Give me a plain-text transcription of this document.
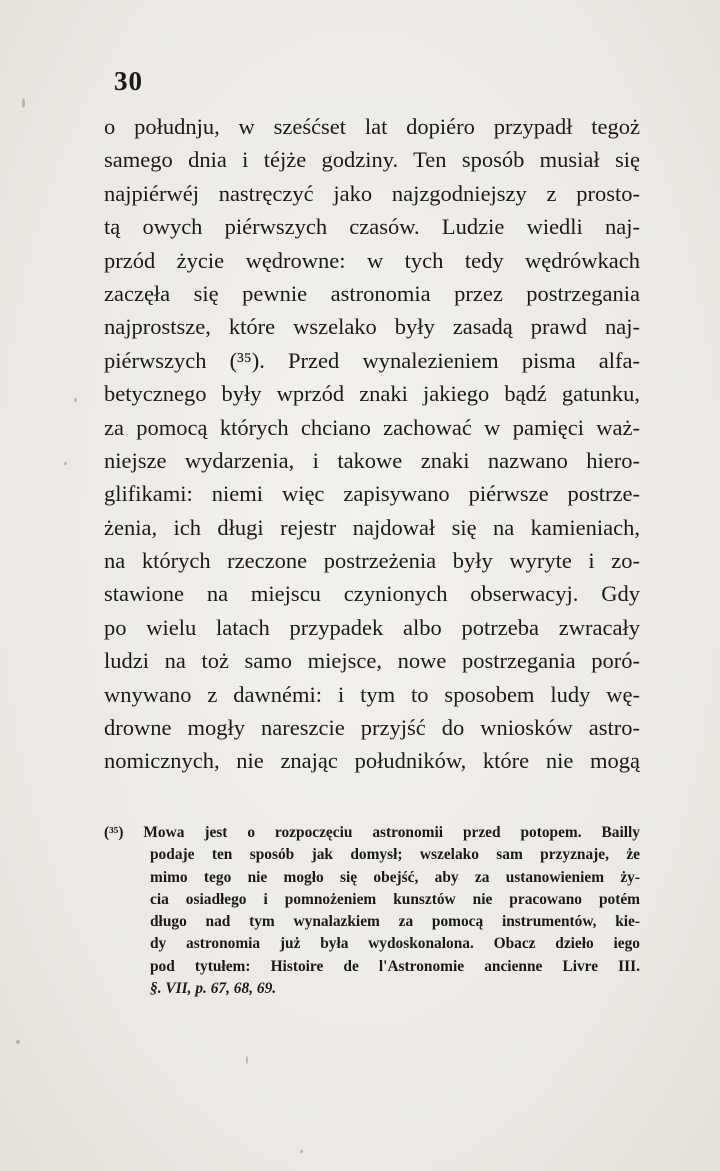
30
o połudnju, w sześćset lat dopiéro przypadł tegoż
samego dnia i téjże godziny. Ten sposób musiał się
najpiérwéj nastręczyć jako najzgodniejszy z prosto-
tą owych piérwszych czasów. Ludzie wiedli naj-
przód życie wędrowne: w tych tedy wędrówkach
zaczęła się pewnie astronomia przez postrzegania
najprostsze, które wszelako były zasadą prawd naj-
piérwszych (³⁵). Przed wynalezieniem pisma alfa-
betycznego były wprzód znaki jakiego bądź gatunku,
za pomocą których chciano zachować w pamięci waż-
niejsze wydarzenia, i takowe znaki nazwano hiero-
glifikami: niemi więc zapisywano piérwsze postrze-
żenia, ich długi rejestr najdował się na kamieniach,
na których rzeczone postrzeżenia były wyryte i zo-
stawione na miejscu czynionych obserwacyj. Gdy
po wielu latach przypadek albo potrzeba zwracały
ludzi na toż samo miejsce, nowe postrzegania poró-
wnywano z dawnémi: i tym to sposobem ludy wę-
drowne mogły nareszcie przyjść do wniosków astro-
nomicznych, nie znając południków, które nie mogą
(³⁵) Mowa jest o rozpoczęciu astronomii przed potopem. Bailly
podaje ten sposób jak domysł; wszelako sam przyznaje, że
mimo tego nie mogło się obejść, aby za ustanowieniem ży-
cia osiadłego i pomnożeniem kunsztów nie pracowano potém
długo nad tym wynalazkiem za pomocą instrumentów, kie-
dy astronomia już była wydoskonalona. Obacz dzieło iego
pod tytułem: Histoire de l'Astronomie ancienne Livre III.
§. VII, p. 67, 68, 69.
